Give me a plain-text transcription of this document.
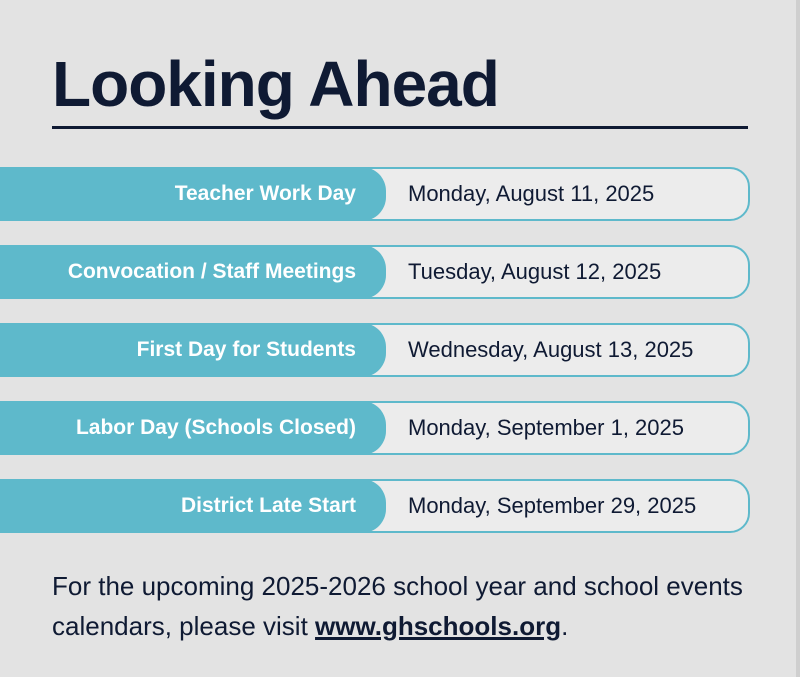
Looking Ahead
Monday, August 11, 2025
Teacher Work Day
Tuesday, August 12, 2025
Convocation / Staff Meetings
Wednesday, August 13, 2025
First Day for Students
Monday, September 1, 2025
Labor Day (Schools Closed)
Monday, September 29, 2025
District Late Start

For the upcoming 2025-2026 school year and school events calendars, please visit www.ghschools.org.
